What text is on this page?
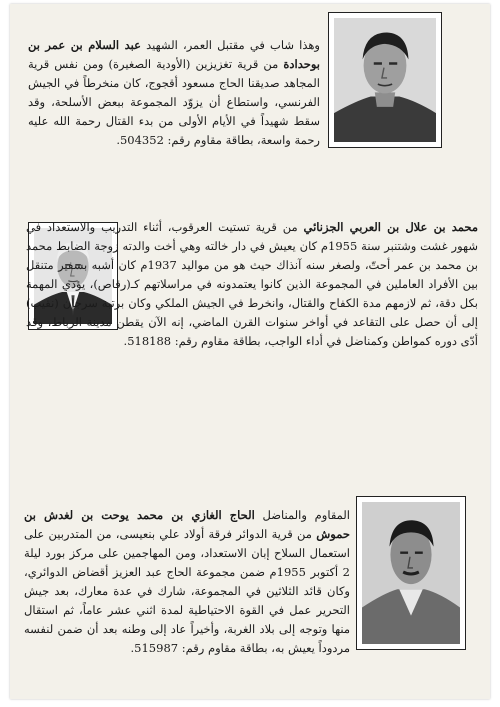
وهذا شاب في مقتبل العمر، الشهيد عبد السلام بن عمر بن بوحدادة من قرية تغزيزين (الأودية الصغيرة) ومن نفس قرية المجاهد صديقنا الحاج مسعود أقجوج، كان منخرطاً في الجيش الفرنسي، واستطاع أن يزوّد المجموعة ببعض الأسلحة، وقد سقط شهيداً في الأيام الأولى من بدء القتال رحمة الله عليه رحمة واسعة، بطاقة مقاوم رقم: 504352.

محمد بن علال بن العربي الجزنائي من قرية تستيت العرقوب، أثناء التدريب والاستعداد في شهور غشت وشتنبر سنة 1955م كان يعيش في دار خالته وهي أخت والدته زوجة الضابط محمد بن محمد بن عمر أحتّ، ولصغر سنه آنذاك حيث هو من مواليد 1937م كان أشبه بسفير متنقل بين الأفراد العاملين في المجموعة الذين كانوا يعتمدونه في مراسلاتهم كـ(رقاص)، يؤدي المهمة بكل دقة، ثم لازمهم مدة الكفاح والقتال، وانخرط في الجيش الملكي وكان برتبة سرجان (نقيب) إلى أن حصل على التقاعد في أواخر سنوات القرن الماضي، إنه الآن يقطن مدينة الرباط، وقد أدّى دوره كمواطن وكمناضل في أداء الواجب، بطاقة مقاوم رقم: 518188.

المقاوم والمناضل الحاج الغازي بن محمد يوحت بن لغدش بن حموش من قرية الدوائر فرقة أولاد علي بنعيسى، من المتدربين على استعمال السلاح إبان الاستعداد، ومن المهاجمين على مركز بورد ليلة 2 أكتوبر 1955م ضمن مجموعة الحاج عبد العزيز أقضاض الدوائري، وكان قائد الثلاثين في المجموعة، شارك في عدة معارك، بعد جيش التحرير عمل في القوة الاحتياطية لمدة اثني عشر عاماً، ثم استقال منها وتوجه إلى بلاد الغربة، وأخيراً عاد إلى وطنه بعد أن ضمن لنفسه مردوداً يعيش به، بطاقة مقاوم رقم: 515987.
